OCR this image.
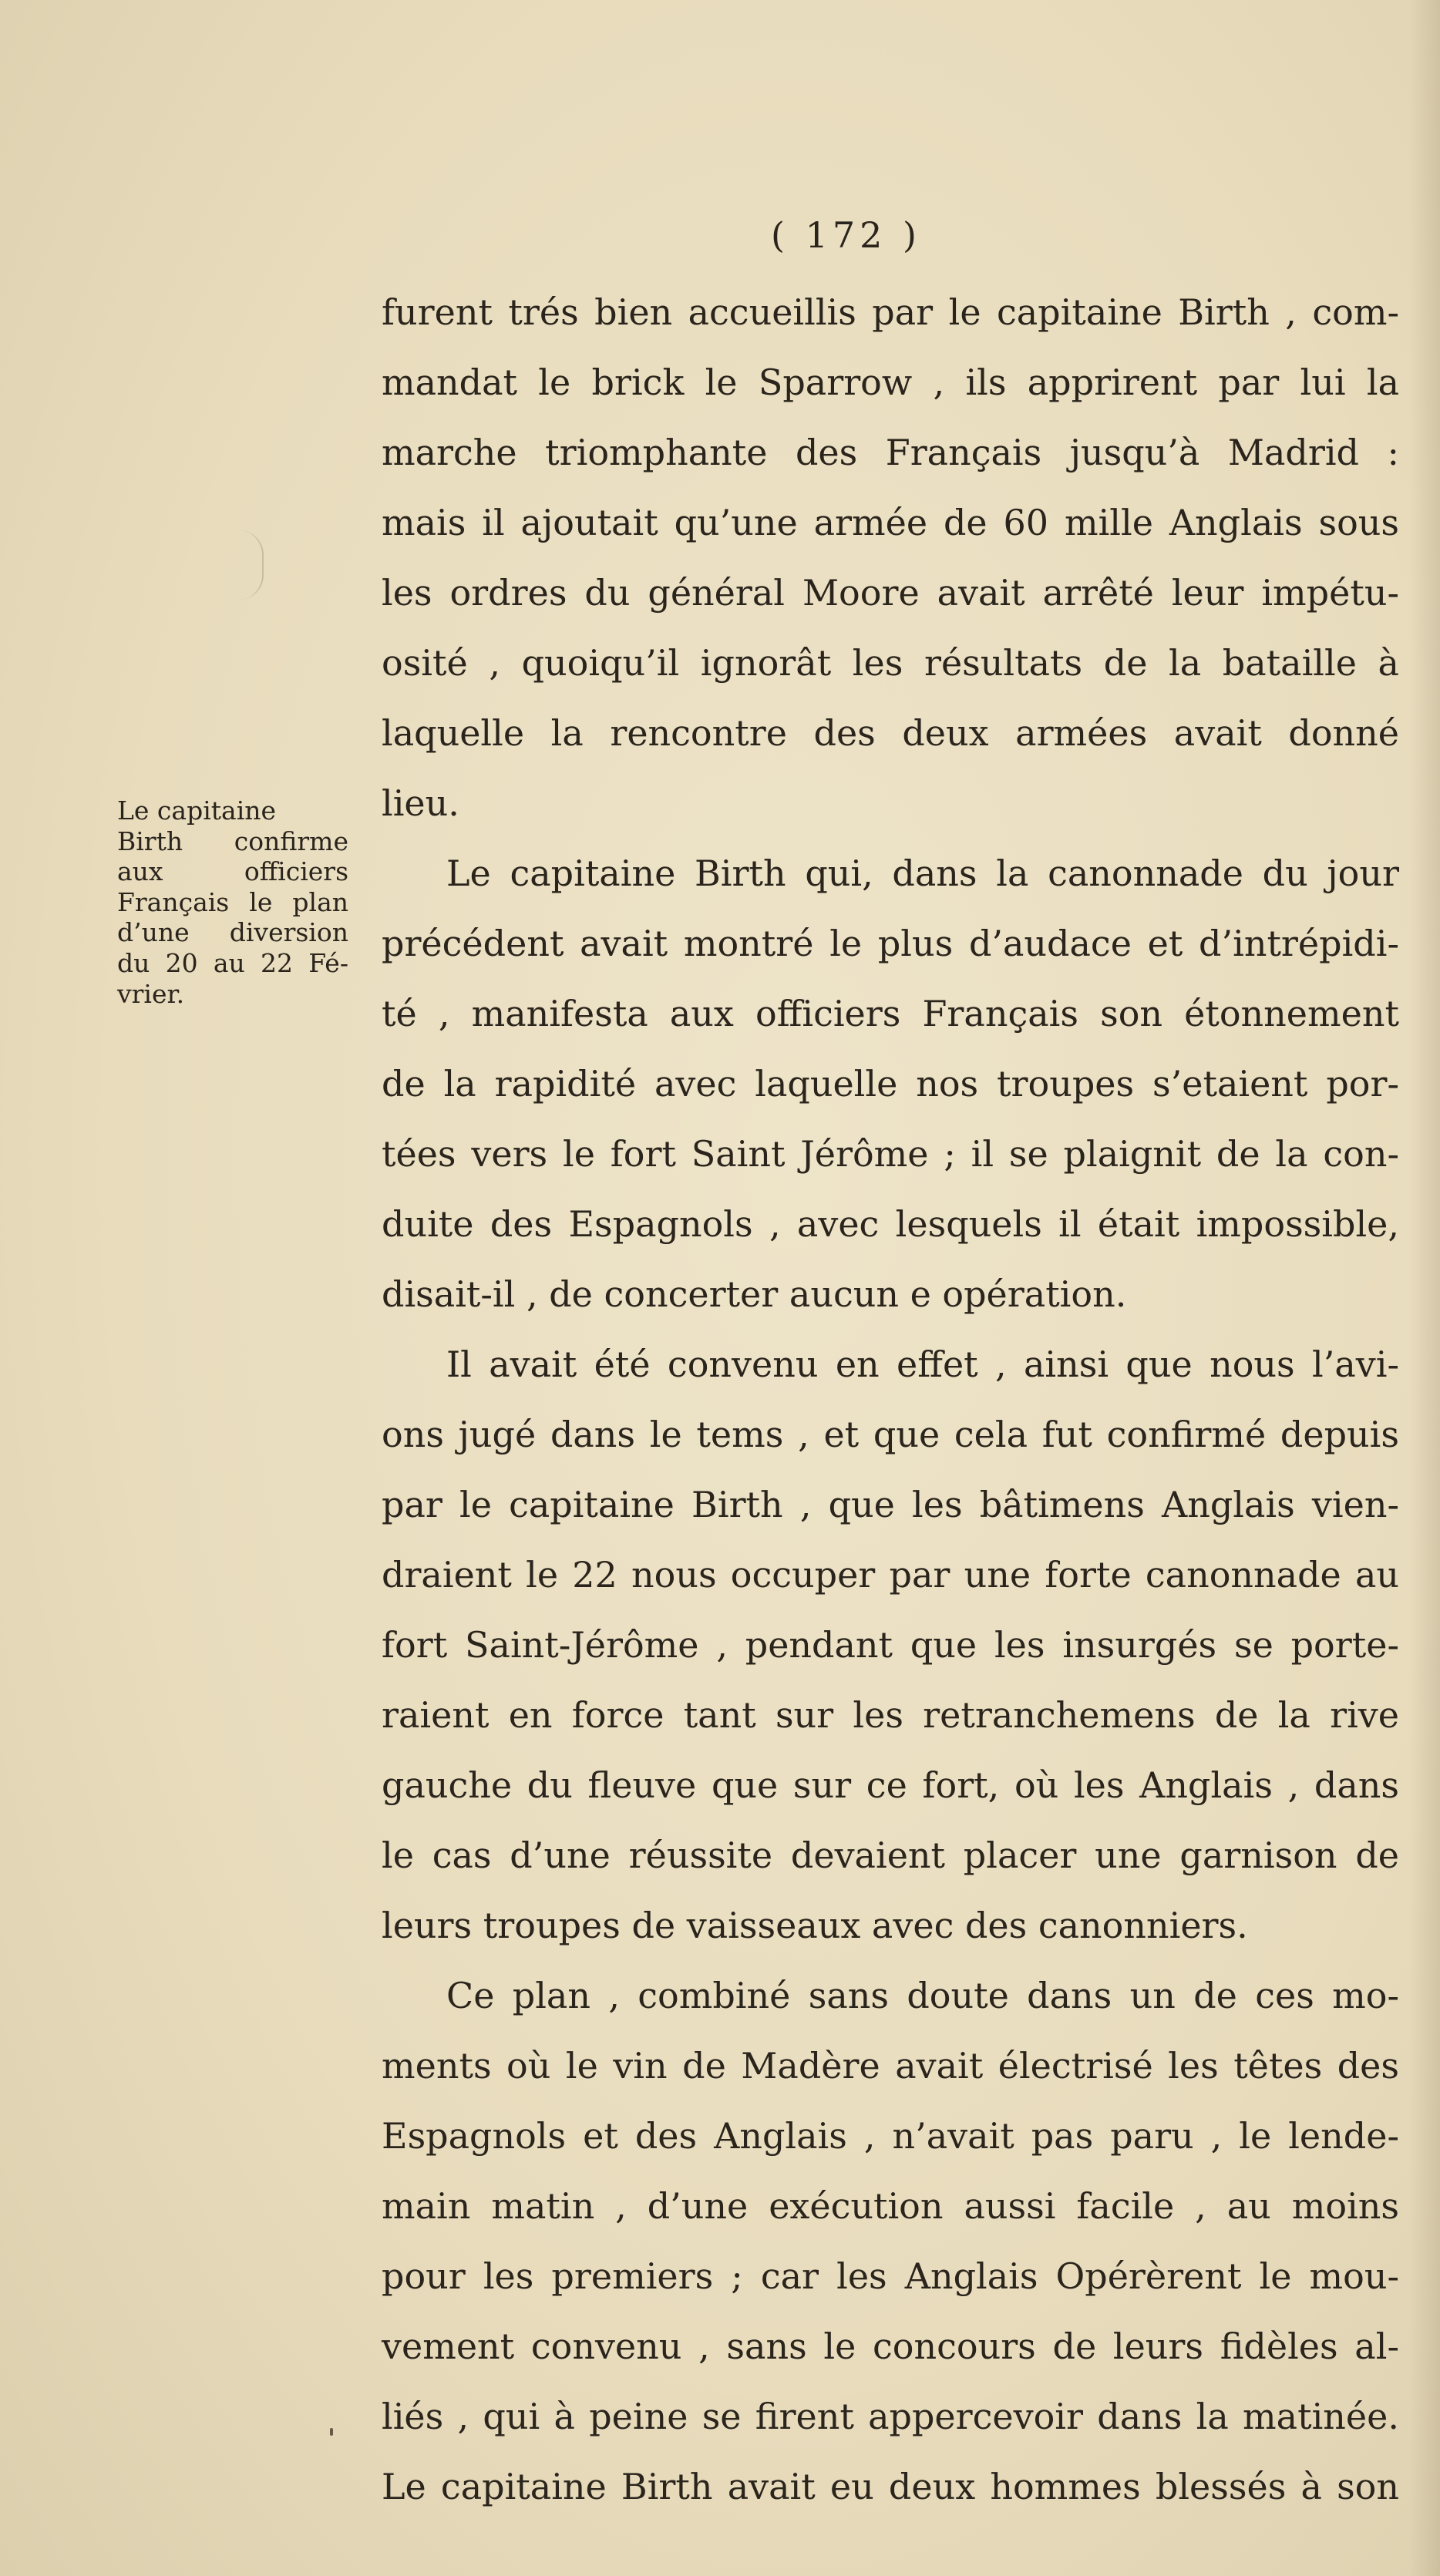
( 172 )
Le capitaine
Birth confirme
aux officiers
Français le plan
d’une diversion
du 20 au 22 Fé-
vrier.
furent trés bien accueillis par le capitaine Birth , com-
mandat le brick le Sparrow , ils apprirent par lui la
marche triomphante des Français jusqu’à Madrid :
mais il ajoutait qu’une armée de 60 mille Anglais sous
les ordres du général Moore avait arrêté leur impétu-
osité , quoiqu’il ignorât les résultats de la bataille à
laquelle la rencontre des deux armées avait donné
lieu.
Le capitaine Birth qui, dans la canonnade du jour
précédent avait montré le plus d’audace et d’intrépidi-
té , manifesta aux officiers Français son étonnement
de la rapidité avec laquelle nos troupes s’etaient por-
tées vers le fort Saint Jérôme ; il se plaignit de la con-
duite des Espagnols , avec lesquels il était impossible,
disait-il , de concerter aucun e opération.
Il avait été convenu en effet , ainsi que nous l’avi-
ons jugé dans le tems , et que cela fut confirmé depuis
par le capitaine Birth , que les bâtimens Anglais vien-
draient le 22 nous occuper par une forte canonnade au
fort Saint-Jérôme , pendant que les insurgés se porte-
raient en force tant sur les retranchemens de la rive
gauche du fleuve que sur ce fort, où les Anglais , dans
le cas d’une réussite devaient placer une garnison de
leurs troupes de vaisseaux avec des canonniers.
Ce plan , combiné sans doute dans un de ces mo-
ments où le vin de Madère avait électrisé les têtes des
Espagnols et des Anglais , n’avait pas paru , le lende-
main matin , d’une exécution aussi facile , au moins
pour les premiers ; car les Anglais Opérèrent le mou-
vement convenu , sans le concours de leurs fidèles al-
liés , qui à peine se firent appercevoir dans la matinée.
Le capitaine Birth avait eu deux hommes blessés à son
